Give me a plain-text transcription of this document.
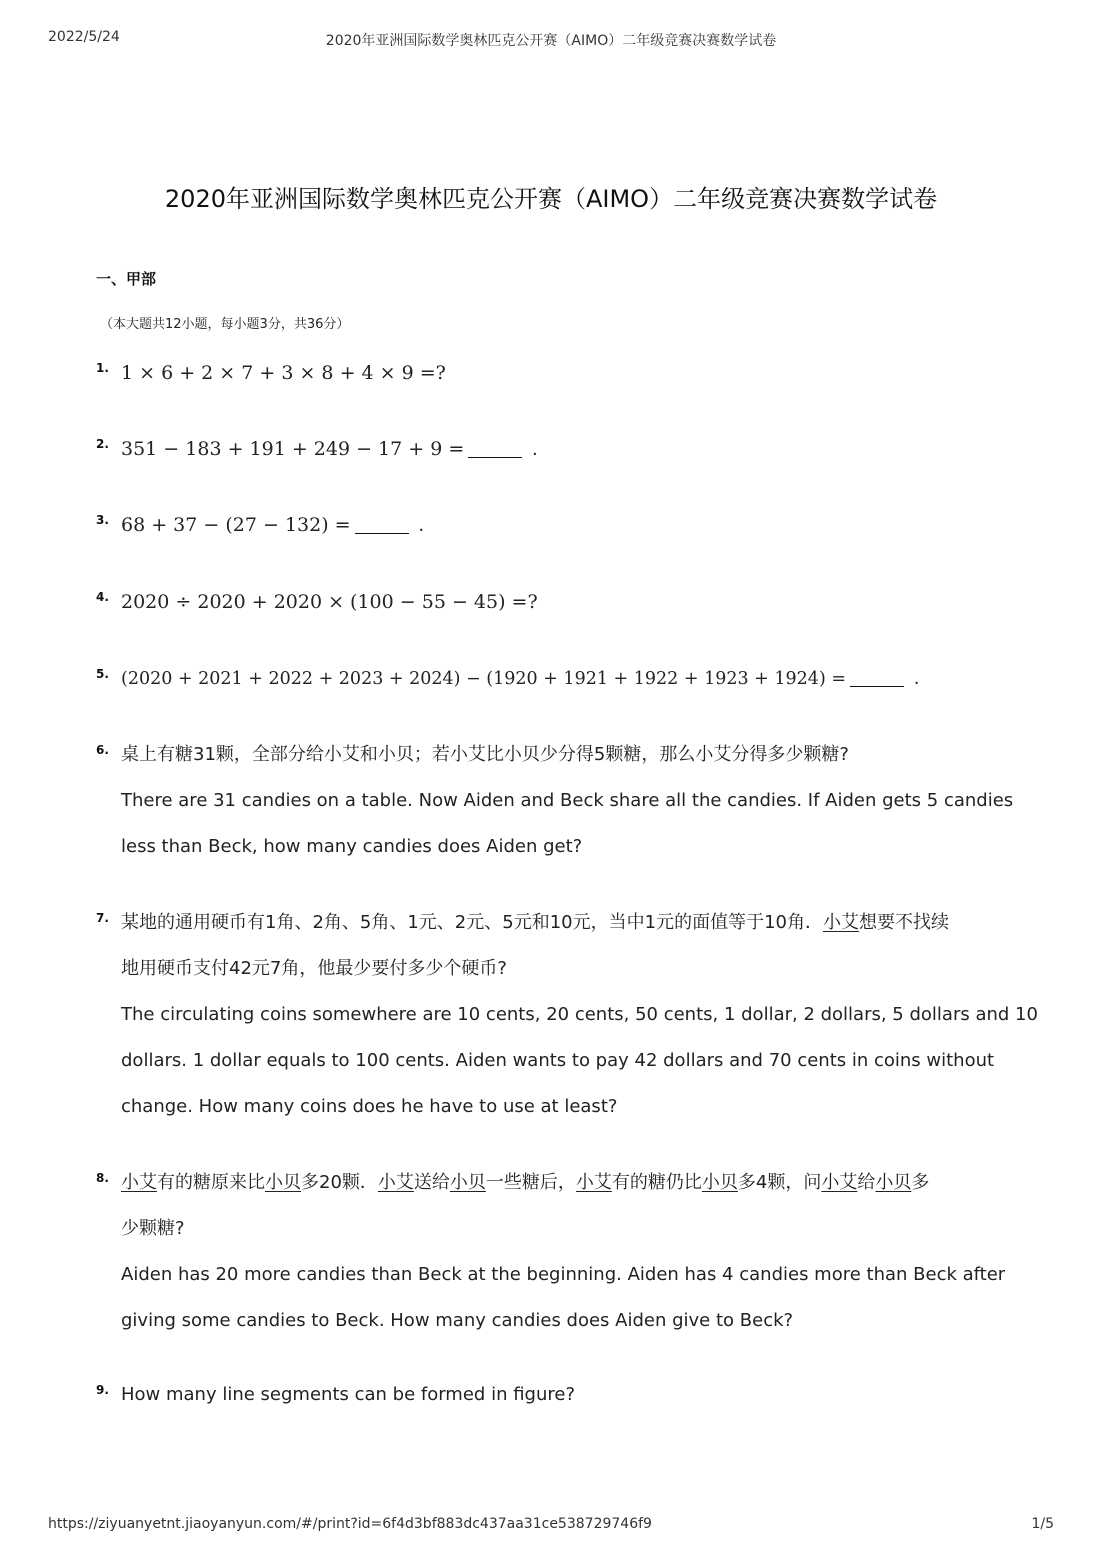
2022/5/24	2020年亚洲国际数学奥林匹克公开赛（AIMO）二年级竞赛决赛数学试卷
2020年亚洲国际数学奥林匹克公开赛（AIMO）二年级竞赛决赛数学试卷
一、甲部
（本大题共12小题，每小题3分，共36分）
1. 1 × 6 + 2 × 7 + 3 × 8 + 4 × 9 =?
2. 351 − 183 + 191 + 249 − 17 + 9 =	.
3. 68 + 37 − (27 − 132) =	.
4. 2020 ÷ 2020 + 2020 × (100 − 55 − 45) =?
5. (2020 + 2021 + 2022 + 2023 + 2024) − (1920 + 1921 + 1922 + 1923 + 1924) =	.
6. 桌上有糖31颗，全部分给小艾和小贝；若小艾比小贝少分得5颗糖，那么小艾分得多少颗糖?
There are 31 candies on a table. Now Aiden and Beck share all the candies. If Aiden gets 5 candies
less than Beck, how many candies does Aiden get?
7. 某地的通用硬币有1角、2角、5角、1元、2元、5元和10元，当中1元的面值等于10角．小艾想要不找续
地用硬币支付42元7角，他最少要付多少个硬币?
The circulating coins somewhere are 10 cents, 20 cents, 50 cents, 1 dollar, 2 dollars, 5 dollars and 10
dollars. 1 dollar equals to 100 cents. Aiden wants to pay 42 dollars and 70 cents in coins without
change. How many coins does he have to use at least?
8. 小艾有的糖原来比小贝多20颗．小艾送给小贝一些糖后，小艾有的糖仍比小贝多4颗，问小艾给小贝多
少颗糖?
Aiden has 20 more candies than Beck at the beginning. Aiden has 4 candies more than Beck after
giving some candies to Beck. How many candies does Aiden give to Beck?
9. How many line segments can be formed in figure?
https://ziyuanyetnt.jiaoyanyun.com/#/print?id=6f4d3bf883dc437aa31ce538729746f9	1/5
